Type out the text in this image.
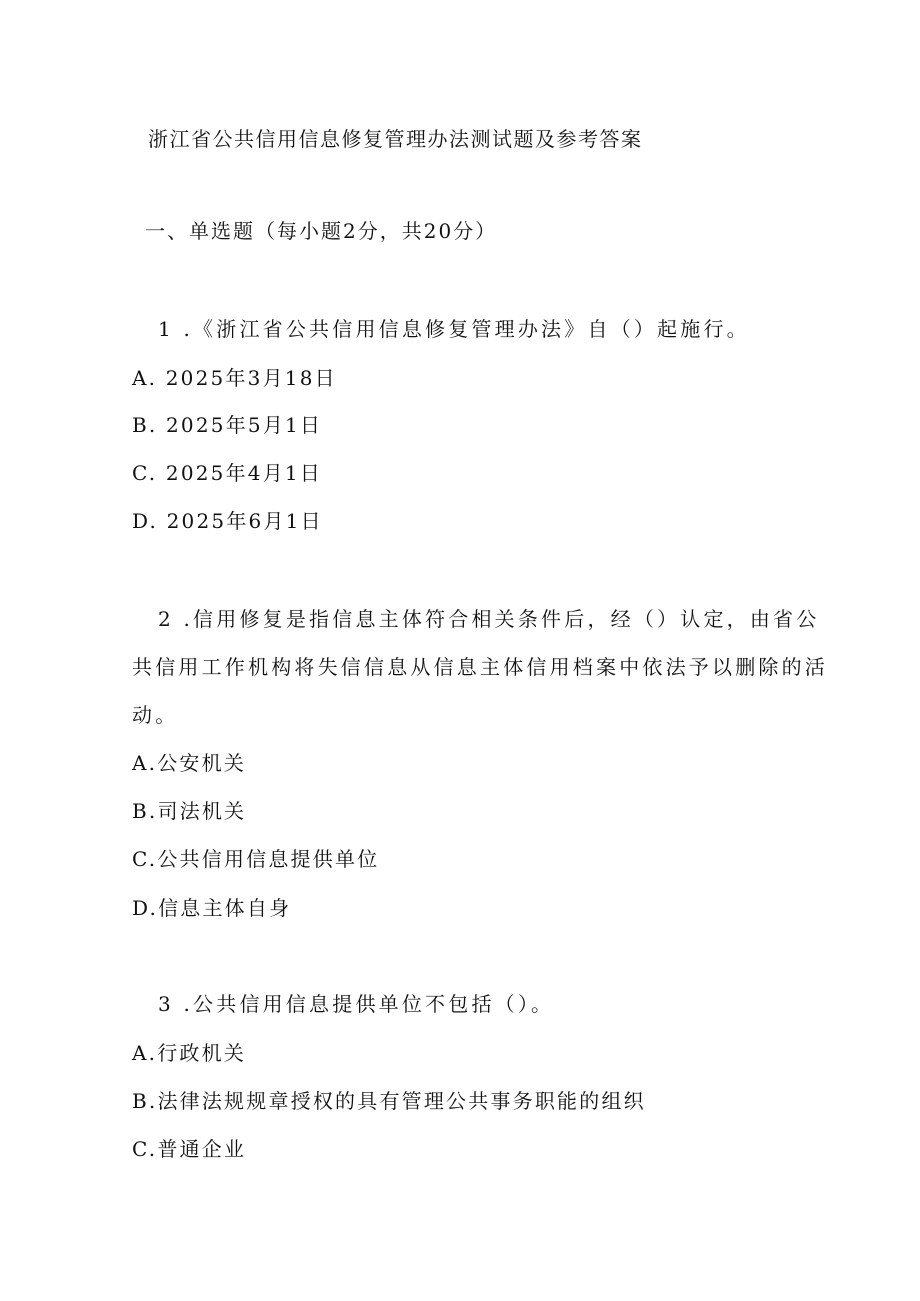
浙江省公共信用信息修复管理办法测试题及参考答案
一、单选题（每小题2分，共20分）
1 .《浙江省公共信用信息修复管理办法》自（）起施行。
A. 2025年3月18日
B. 2025年5月1日
C. 2025年4月1日
D. 2025年6月1日
2 .信用修复是指信息主体符合相关条件后，经（）认定，由省公
共信用工作机构将失信信息从信息主体信用档案中依法予以删除的活
动。
A.公安机关
B.司法机关
C.公共信用信息提供单位
D.信息主体自身
3 .公共信用信息提供单位不包括（）。
A.行政机关
B.法律法规规章授权的具有管理公共事务职能的组织
C.普通企业
